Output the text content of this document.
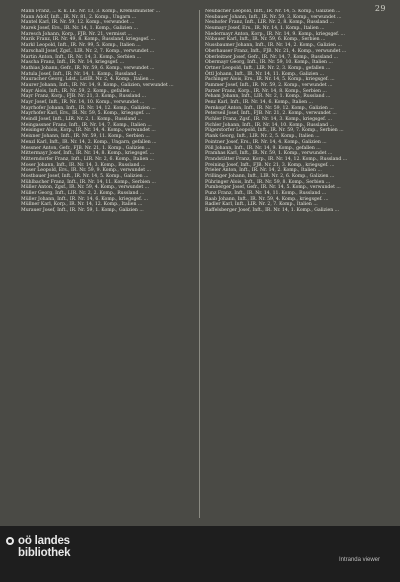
29
Mann Franz, ... k. k. LE. Nr. 13, 3. Komp., Kremsmünster ...
Mann Adolf, Inft., IR. Nr. 81, 2. Komp., Ungarn ...
Mantel Karl, IR. Nr. 59, 12. Komp., verwundet ...
Marek Josef, Ers., IR. Nr. 14, 1. Komp., Galizien ...
Maresch Johann, Korp., FJB. Nr. 21, vermisst ...
Marik Franz, IR. Nr. 49, 8. Komp., Russland, kriegsgef. ...
Markl Leopold, Inft., IR. Nr. 99, 5. Komp., Italien ...
Marschall Josef, Zgsf., LIR. Nr. 2, 7. Komp., verwundet ...
Martin Anton, Inft., IR. Nr. 14, 3. Komp., Serbien ...
Mascha Franz, Inft., IR. Nr. 14, kriegsgef. ...
Mathias Johann, Gefr., IR. Nr. 59, 6. Komp., verwundet ...
Matula Josef, Inft., IR. Nr. 14, 1. Komp., Russland ...
Mauracher Georg, Ldst., LstIR. Nr. 2, 4. Komp., Italien ...
Maurer Johann, Inft., IR. Nr. 14, 9. Komp., Galizien, verwundet ...
Mayr Alois, Inft., IR. Nr. 59, 2. Komp., gefallen ...
Mayr Franz, Korp., FJB. Nr. 21, 3. Komp., Russland ...
Mayr Josef, Inft., IR. Nr. 14, 10. Komp., verwundet ...
Mayrhofer Johann, Inft., IR. Nr. 14, 12. Komp., Galizien ...
Mayrhofer Karl, Ers., IR. Nr. 59, 5. Komp., kriegsgef. ...
Meindl Josef, Inft., LIR. Nr. 2, 1. Komp., Russland ...
Meingassner Franz, Inft., IR. Nr. 14, 7. Komp., Italien ...
Meisinger Alois, Korp., IR. Nr. 14, 4. Komp., verwundet ...
Meixner Johann, Inft., IR. Nr. 59, 11. Komp., Serbien ...
Menzl Karl, Inft., IR. Nr. 14, 2. Komp., Ungarn, gefallen ...
Messner Anton, Gefr., FJB. Nr. 21, 1. Komp., Galizien ...
Mittermayr Josef, Inft., IR. Nr. 14, 8. Komp., kriegsgef. ...
Mitterndorfer Franz, Inft., LIR. Nr. 2, 6. Komp., Italien ...
Moser Johann, Inft., IR. Nr. 14, 3. Komp., Russland ...
Moser Leopold, Ers., IR. Nr. 59, 9. Komp., verwundet ...
Mostbauer Josef, Inft., IR. Nr. 14, 5. Komp., Galizien ...
Mühlbacher Franz, Inft., IR. Nr. 14, 11. Komp., Serbien ...
Müller Anton, Zgsf., IR. Nr. 59, 4. Komp., verwundet ...
Müller Georg, Inft., LIR. Nr. 2, 2. Komp., Russland ...
Müller Johann, Inft., IR. Nr. 14, 6. Komp., kriegsgef. ...
Müllner Karl, Korp., IR. Nr. 14, 12. Komp., Italien ...
Murauer Josef, Inft., IR. Nr. 59, 1. Komp., Galizien ...
Neubacher Leopold, Inft., IR. Nr. 14, 5. Komp., Galizien ...
Neubauer Johann, Inft., IR. Nr. 59, 3. Komp., verwundet ...
Neuhofer Franz, Inft., LIR. Nr. 2, 8. Komp., Russland ...
Neumayr Josef, Ers., IR. Nr. 14, 1. Komp., Italien ...
Niedermayr Anton, Korp., IR. Nr. 14, 9. Komp., kriegsgef. ...
Nöbauer Karl, Inft., IR. Nr. 59, 6. Komp., Serbien ...
Nussbaumer Johann, Inft., IR. Nr. 14, 2. Komp., Galizien ...
Oberhauser Franz, Inft., FJB. Nr. 21, 4. Komp., verwundet ...
Oberleitner Josef, Gefr., IR. Nr. 14, 7. Komp., Russland ...
Obermayr Georg, Inft., IR. Nr. 59, 10. Komp., Italien ...
Ortner Leopold, Inft., LIR. Nr. 2, 3. Komp., gefallen ...
Öttl Johann, Inft., IR. Nr. 14, 11. Komp., Galizien ...
Pachinger Alois, Ers., IR. Nr. 14, 5. Komp., kriegsgef. ...
Pammer Josef, Inft., IR. Nr. 59, 2. Komp., verwundet ...
Parzer Franz, Korp., IR. Nr. 14, 8. Komp., Serbien ...
Peham Johann, Inft., LIR. Nr. 2, 1. Komp., Russland ...
Penz Karl, Inft., IR. Nr. 14, 6. Komp., Italien ...
Pernkopf Anton, Inft., IR. Nr. 59, 12. Komp., Galizien ...
Peterseil Josef, Inft., FJB. Nr. 21, 2. Komp., verwundet ...
Pichler Franz, Zgsf., IR. Nr. 14, 3. Komp., kriegsgef. ...
Pichler Johann, Inft., IR. Nr. 14, 10. Komp., Russland ...
Pilgerstorfer Leopold, Inft., IR. Nr. 59, 7. Komp., Serbien ...
Plank Georg, Inft., LIR. Nr. 2, 5. Komp., Italien ...
Pointner Josef, Ers., IR. Nr. 14, 4. Komp., Galizien ...
Pöll Johann, Inft., IR. Nr. 14, 9. Komp., gefallen ...
Pramhas Karl, Inft., IR. Nr. 59, 1. Komp., verwundet ...
Prandstätter Franz, Korp., IR. Nr. 14, 12. Komp., Russland ...
Preining Josef, Inft., FJB. Nr. 21, 3. Komp., kriegsgef. ...
Prieler Anton, Inft., IR. Nr. 14, 2. Komp., Italien ...
Prillinger Johann, Inft., LIR. Nr. 2, 6. Komp., Galizien ...
Pühringer Alois, Inft., IR. Nr. 59, 8. Komp., Serbien ...
Pumberger Josef, Gefr., IR. Nr. 14, 5. Komp., verwundet ...
Punz Franz, Inft., IR. Nr. 14, 11. Komp., Russland ...
Raab Johann, Inft., IR. Nr. 59, 4. Komp., kriegsgef. ...
Radler Karl, Inft., LIR. Nr. 2, 7. Komp., Italien ...
Raffelsberger Josef, Inft., IR. Nr. 14, 1. Komp., Galizien ...
oö landes
bibliothek
Intranda viewer
